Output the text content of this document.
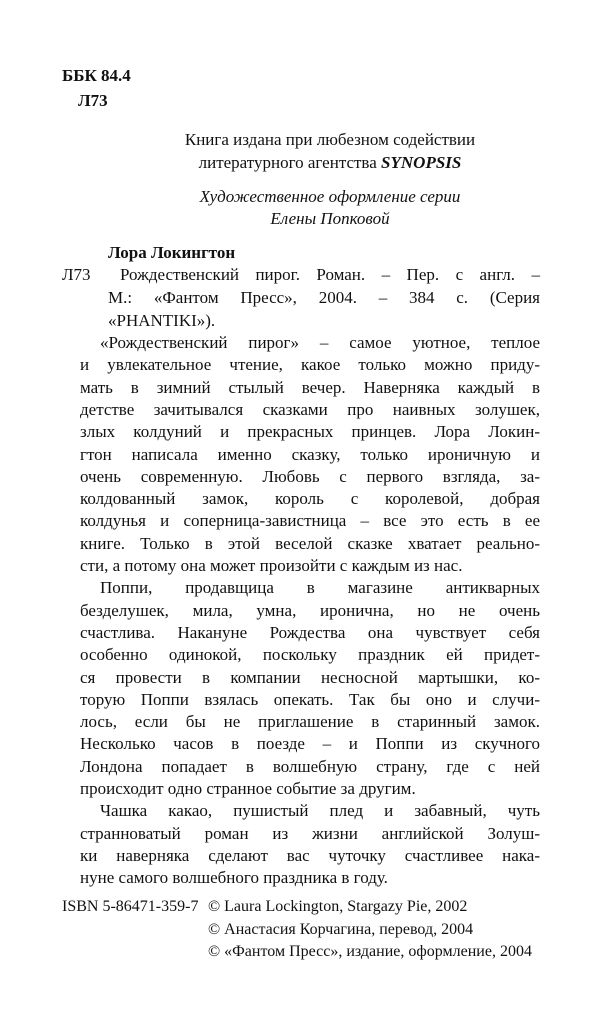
ББК 84.4
Л73
Книга издана при любезном содействии
литературного агентства SYNOPSIS
Художественное оформление серии
Елены Попковой
Лора Локингтон
Л73 Рождественский пирог. Роман. – Пер. с англ. –
М.: «Фантом Пресс», 2004. – 384 с. (Серия
«PHANTIKI»).
«Рождественский пирог» – самое уютное, теплое
и увлекательное чтение, какое только можно приду-
мать в зимний стылый вечер. Наверняка каждый в
детстве зачитывался сказками про наивных золушек,
злых колдуний и прекрасных принцев. Лора Локин-
гтон написала именно сказку, только ироничную и
очень современную. Любовь с первого взгляда, за-
колдованный замок, король с королевой, добрая
колдунья и соперница-завистница – все это есть в ее
книге. Только в этой веселой сказке хватает реально-
сти, а потому она может произойти с каждым из нас.
Поппи, продавщица в магазине антикварных
безделушек, мила, умна, иронична, но не очень
счастлива. Накануне Рождества она чувствует себя
особенно одинокой, поскольку праздник ей придет-
ся провести в компании несносной мартышки, ко-
торую Поппи взялась опекать. Так бы оно и случи-
лось, если бы не приглашение в старинный замок.
Несколько часов в поезде – и Поппи из скучного
Лондона попадает в волшебную страну, где с ней
происходит одно странное событие за другим.
Чашка какао, пушистый плед и забавный, чуть
странноватый роман из жизни английской Золуш-
ки наверняка сделают вас чуточку счастливее нака-
нуне самого волшебного праздника в году.
ISBN 5-86471-359-7 © Laura Lockington, Stargazy Pie, 2002
© Анастасия Корчагина, перевод, 2004
© «Фантом Пресс», издание, оформление, 2004
